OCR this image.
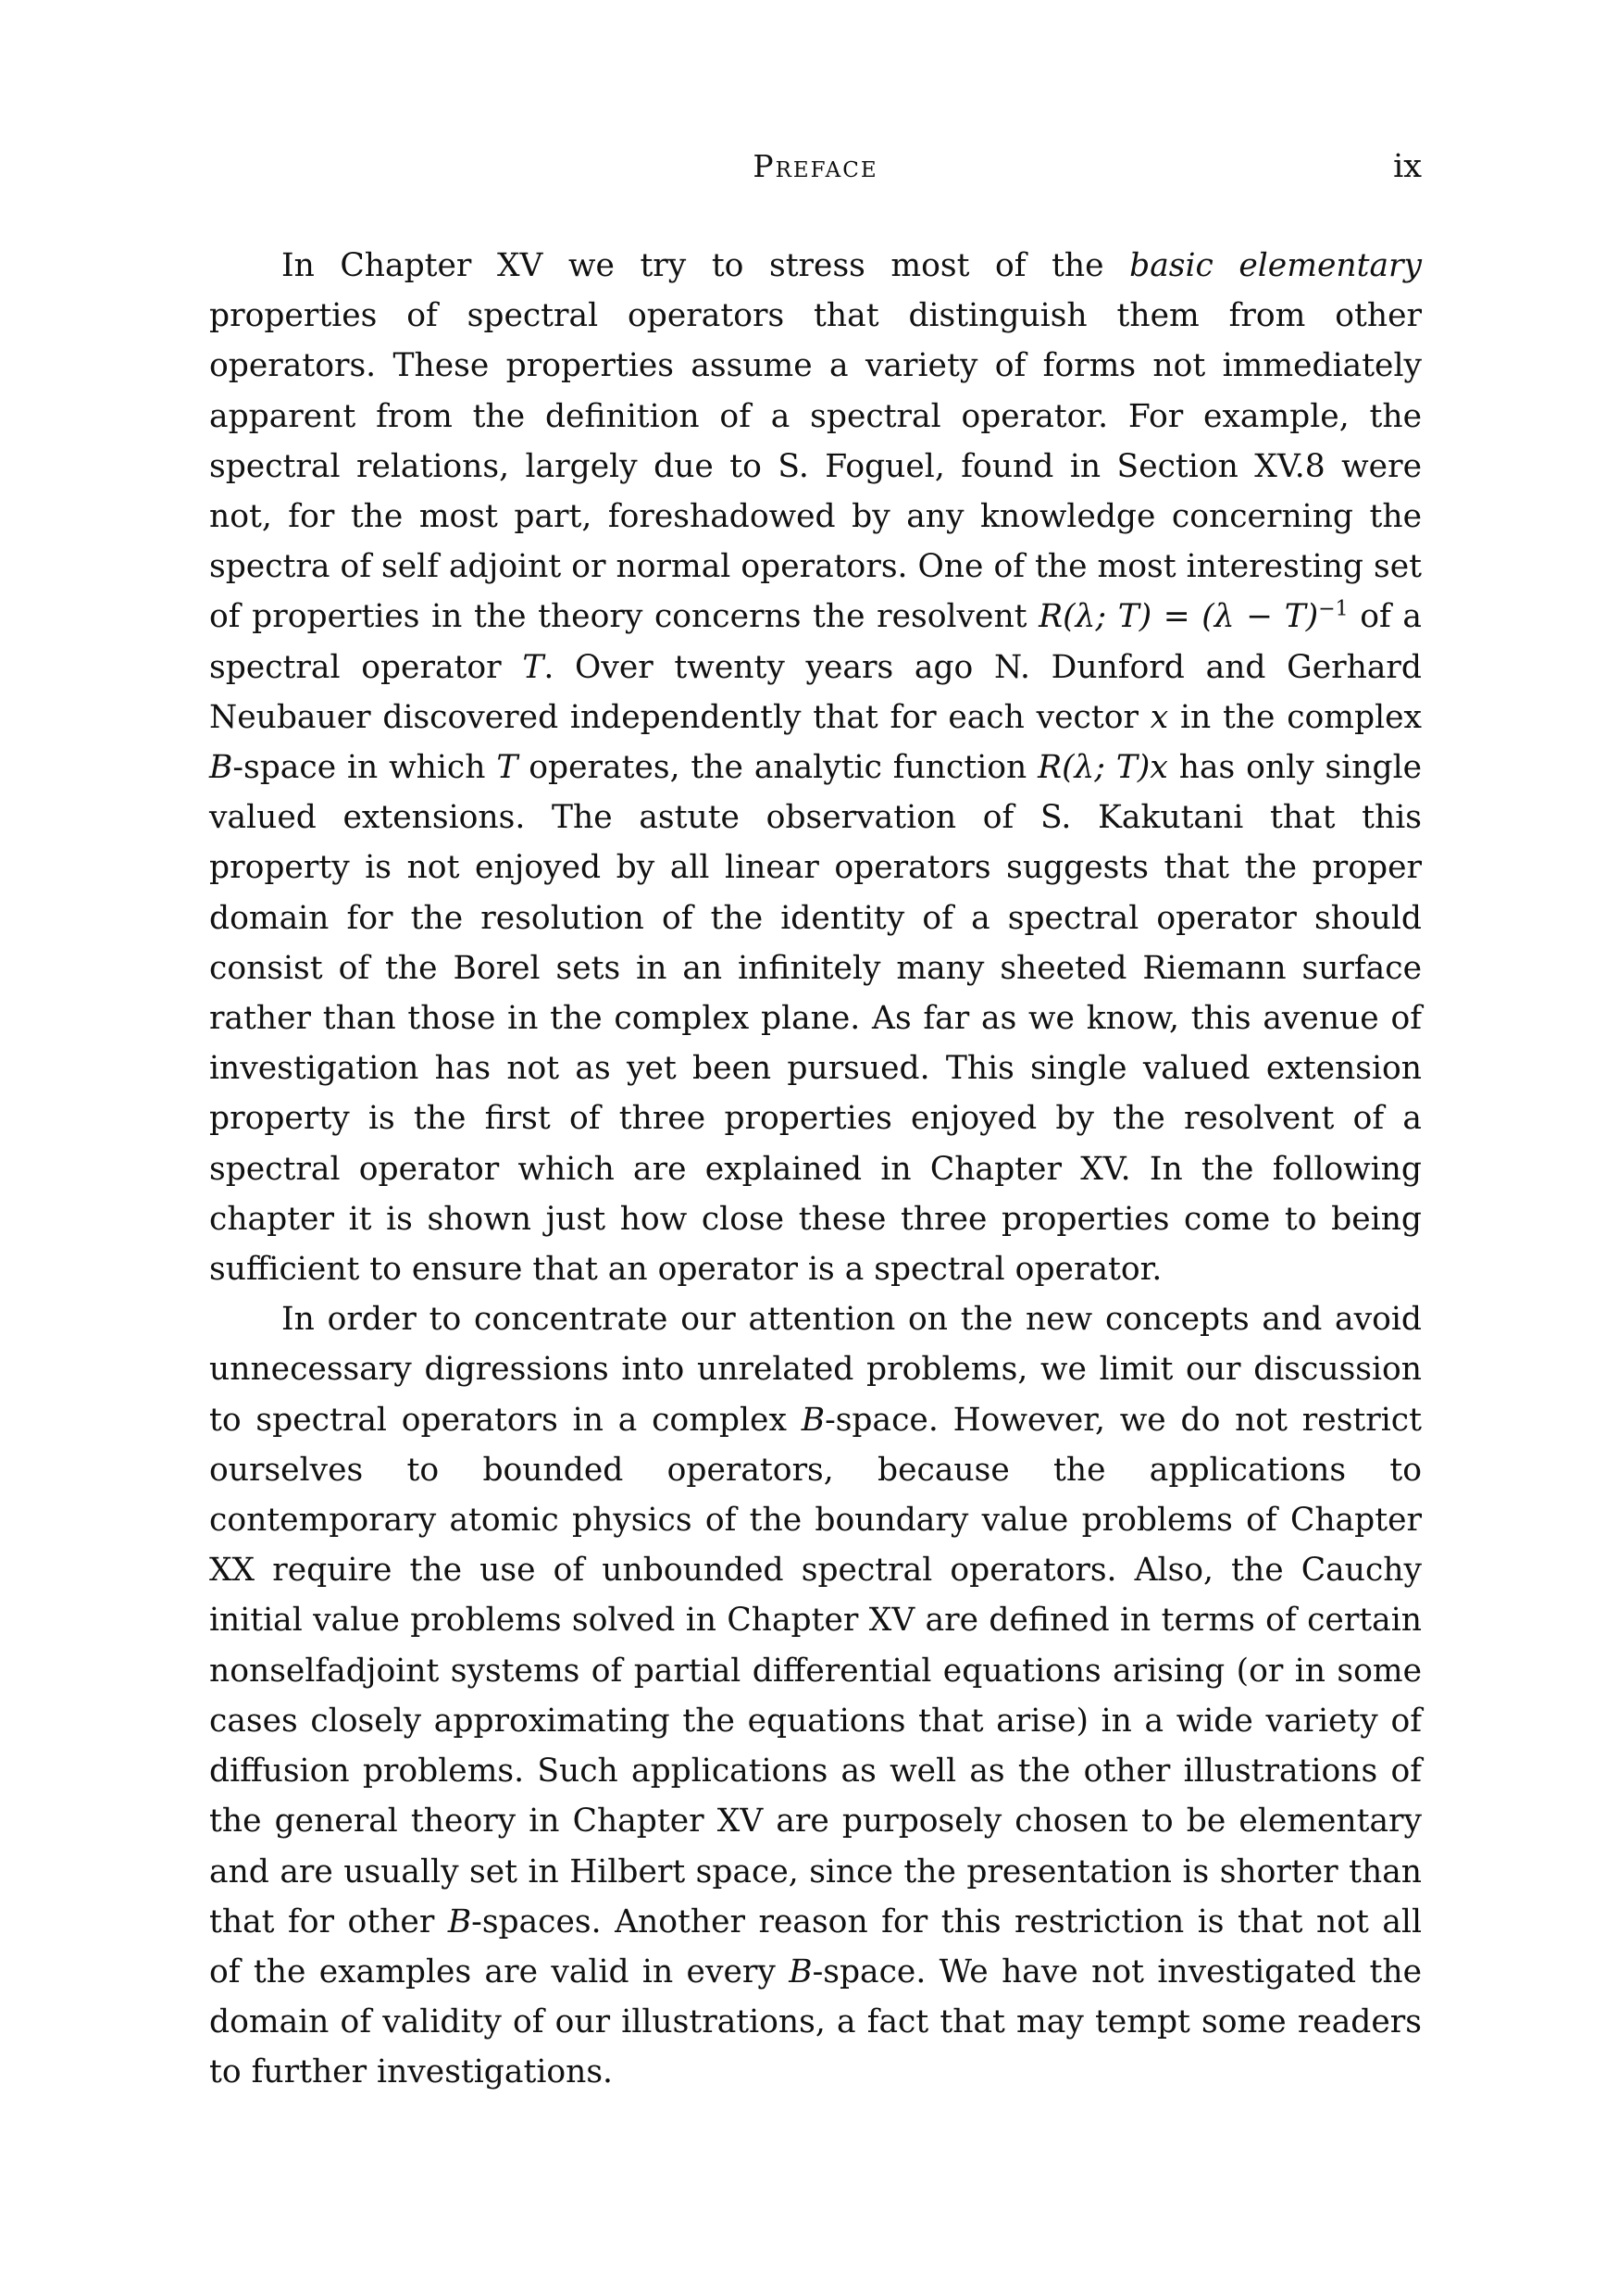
Preface	ix

In Chapter XV we try to stress most of the basic elementary properties of spectral operators that distinguish them from other operators. These properties assume a variety of forms not immediately apparent from the definition of a spectral operator. For example, the spectral relations, largely due to S. Foguel, found in Section XV.8 were not, for the most part, foreshadowed by any knowledge concerning the spectra of self adjoint or normal operators. One of the most interesting set of properties in the theory concerns the resolvent R(λ; $T) = (\lambda - T)^{-1}$ of a spectral operator T. Over twenty years ago N. Dunford and Gerhard Neubauer discovered independently that for each vector x in the complex B-space in which T operates, the analytic function R(λ; T)x has only single valued extensions. The astute observation of S. Kakutani that this property is not enjoyed by all linear operators suggests that the proper domain for the resolution of the identity of a spectral operator should consist of the Borel sets in an infinitely many sheeted Riemann surface rather than those in the complex plane. As far as we know, this avenue of investigation has not as yet been pursued. This single valued extension property is the first of three properties enjoyed by the resolvent of a spectral operator which are explained in Chapter XV. In the following chapter it is shown just how close these three properties come to being sufficient to ensure that an operator is a spectral operator.

In order to concentrate our attention on the new concepts and avoid unnecessary digressions into unrelated problems, we limit our discussion to spectral operators in a complex B-space. However, we do not restrict ourselves to bounded operators, because the applications to contemporary atomic physics of the boundary value problems of Chapter XX require the use of unbounded spectral operators. Also, the Cauchy initial value problems solved in Chapter XV are defined in terms of certain nonselfadjoint systems of partial differential equations arising (or in some cases closely approximating the equations that arise) in a wide variety of diffusion problems. Such applications as well as the other illustrations of the general theory in Chapter XV are purposely chosen to be elementary and are usually set in Hilbert space, since the presentation is shorter than that for other B-spaces. Another reason for this restriction is that not all of the examples are valid in every B-space. We have not investigated the domain of validity of our illustrations, a fact that may tempt some readers to further investigations.
